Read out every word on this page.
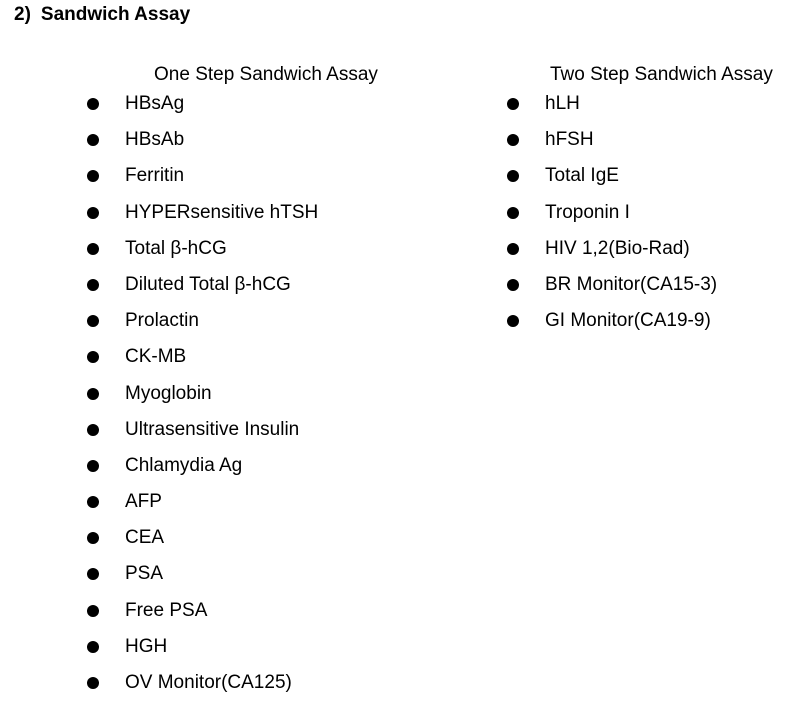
2) Sandwich Assay
One Step Sandwich Assay
HBsAg
HBsAb
Ferritin
HYPERsensitive hTSH
Total β-hCG
Diluted Total β-hCG
Prolactin
CK-MB
Myoglobin
Ultrasensitive Insulin
Chlamydia Ag
AFP
CEA
PSA
Free PSA
HGH
OV Monitor(CA125)
Two Step Sandwich Assay
hLH
hFSH
Total IgE
Troponin I
HIV 1,2(Bio-Rad)
BR Monitor(CA15-3)
GI Monitor(CA19-9)
